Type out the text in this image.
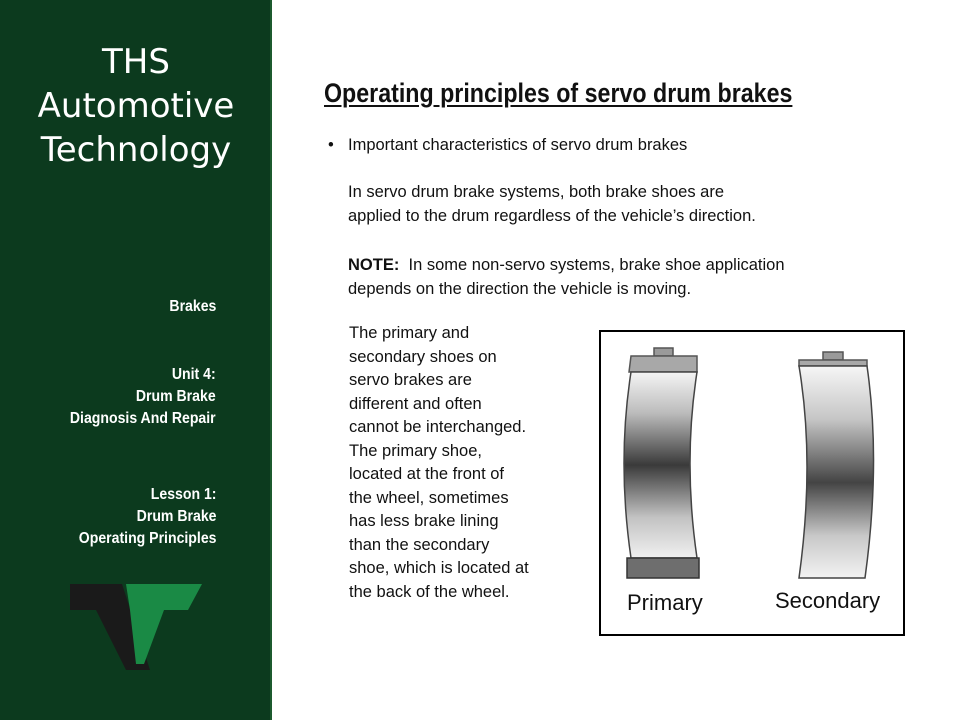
THS
Automotive
Technology
Brakes
Unit 4:
Drum Brake
Diagnosis And Repair
Lesson 1:
Drum Brake
Operating Principles
Operating principles of servo drum brakes
• Important characteristics of servo drum brakes
In servo drum brake systems, both brake shoes are
applied to the drum regardless of the vehicle’s direction.
NOTE: In some non-servo systems, brake shoe application
depends on the direction the vehicle is moving.
The primary and
secondary shoes on
servo brakes are
different and often
cannot be interchanged.
The primary shoe,
located at the front of
the wheel, sometimes
has less brake lining
than the secondary
shoe, which is located at
the back of the wheel.	Primary	Secondary
